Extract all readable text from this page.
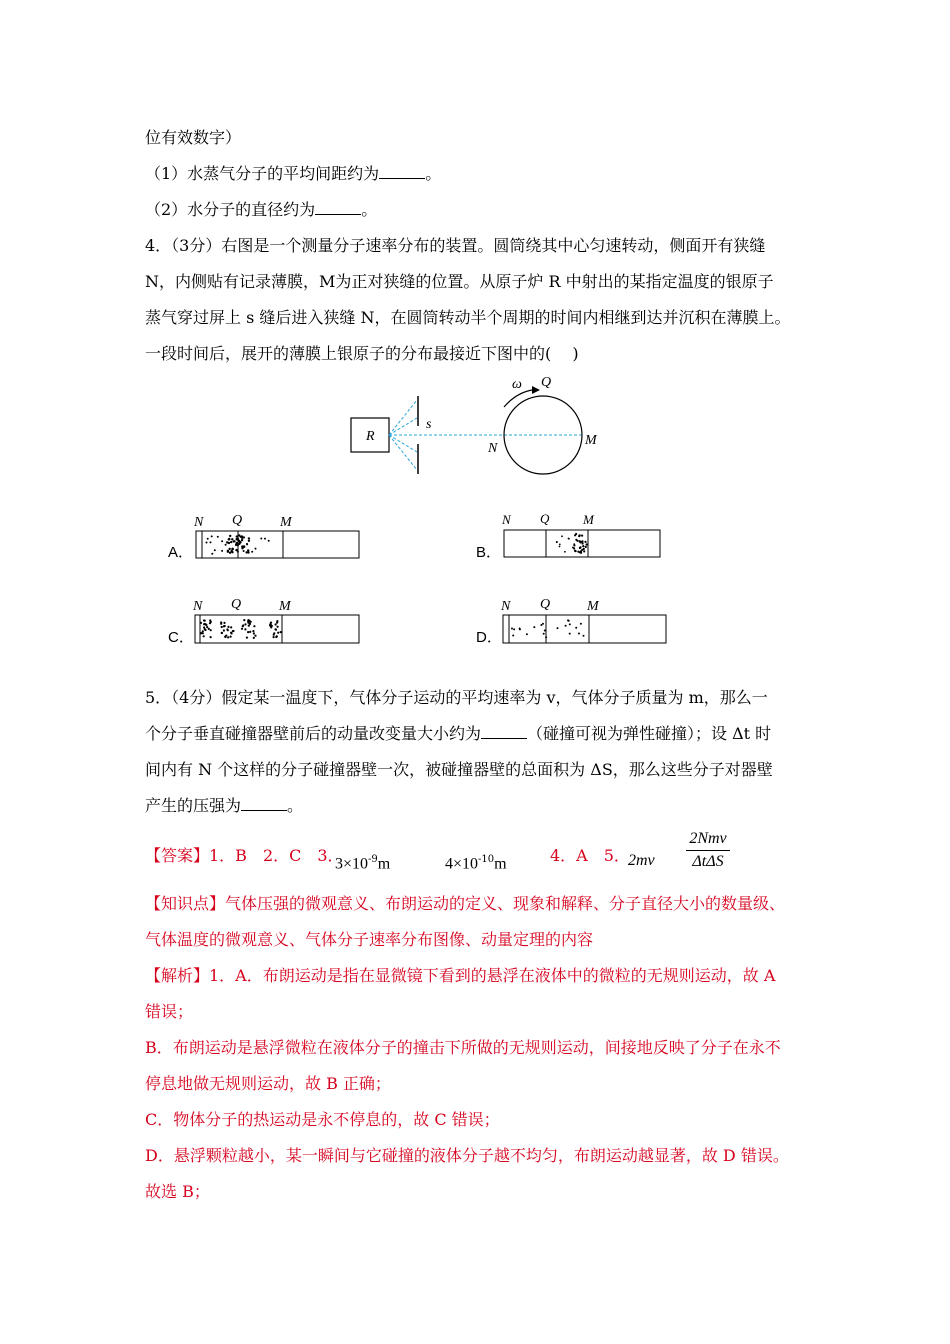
位有效数字）
（1）水蒸气分子的平均间距约为	。
（2）水分子的直径约为	。
4．（3分）右图是一个测量分子速率分布的装置。圆筒绕其中心匀速转动，侧面开有狭缝
N，内侧贴有记录薄膜，M为正对狭缝的位置。从原子炉 R 中射出的某指定温度的银原子
蒸气穿过屏上 s 缝后进入狭缝 N，在圆筒转动半个周期的时间内相继到达并沉积在薄膜上。
一段时间后，展开的薄膜上银原子的分布最接近下图中的(　 )
R
s
N
M
ω Q
N Q	M	N Q	M
N Q	M	N Q	M
A．	B．
C．	D．
5．（4分）假定某一温度下，气体分子运动的平均速率为 v，气体分子质量为 m，那么一
个分子垂直碰撞器壁前后的动量改变量大小约为	（碰撞可视为弹性碰撞）；设 Δt 时
间内有 N 个这样的分子碰撞器壁一次，被碰撞器壁的总面积为 ΔS，那么这些分子对器壁
产生的压强为	。
【答案】1．B　2．C　3．
$3\times 10^{-9}m$	$4\times 10^{-10}m$	4．A　5．
2mv
2Nmv
ΔtΔS
【知识点】气体压强的微观意义、布朗运动的定义、现象和解释、分子直径大小的数量级、
气体温度的微观意义、气体分子速率分布图像、动量定理的内容
【解析】1．A．布朗运动是指在显微镜下看到的悬浮在液体中的微粒的无规则运动，故 A
错误；
B．布朗运动是悬浮微粒在液体分子的撞击下所做的无规则运动，间接地反映了分子在永不
停息地做无规则运动，故 B 正确；
C．物体分子的热运动是永不停息的，故 C 错误；
D．悬浮颗粒越小，某一瞬间与它碰撞的液体分子越不均匀，布朗运动越显著，故 D 错误。
故选 B；
